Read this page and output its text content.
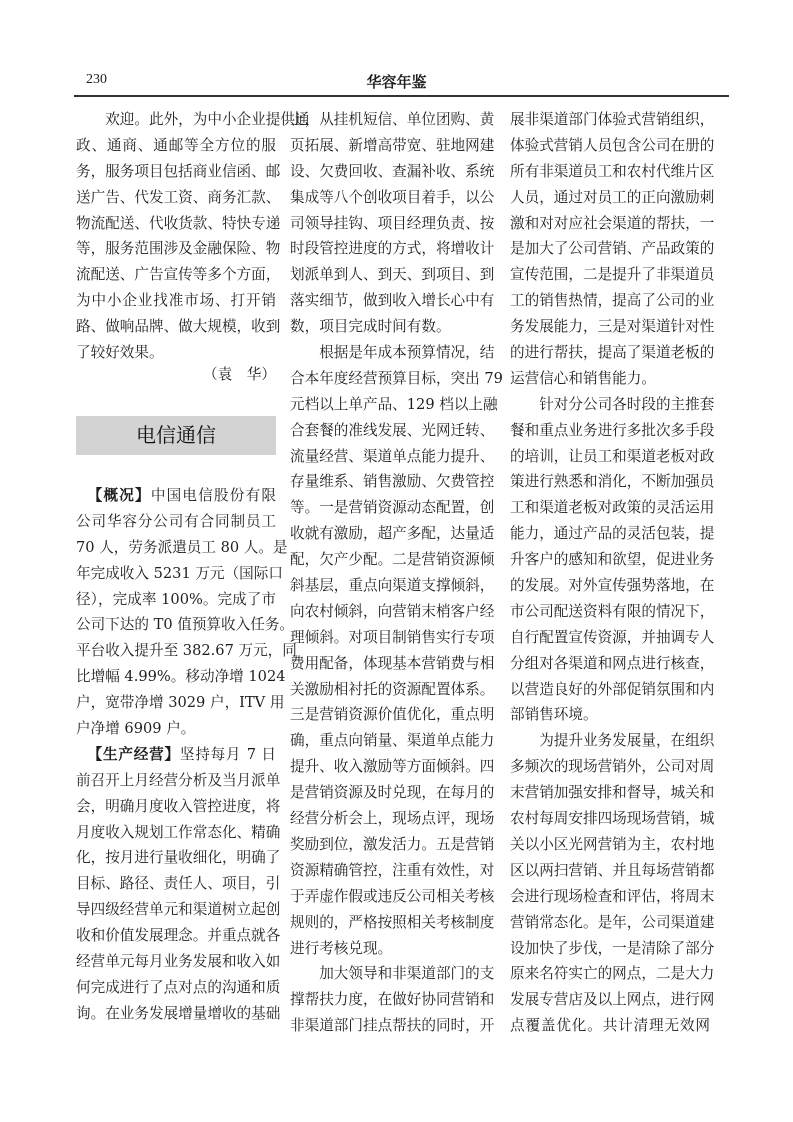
230	华容年鉴
欢迎。此外，为中小企业提供通
政、通商、通邮等全方位的服
务，服务项目包括商业信函、邮
送广告、代发工资、商务汇款、
物流配送、代收货款、特快专递
等，服务范围涉及金融保险、物
流配送、广告宣传等多个方面，
为中小企业找准市场、打开销
路、做响品牌、做大规模，收到
了较好效果。
（袁　华）
电信通信
【概况】中国电信股份有限
公司华容分公司有合同制员工
70 人，劳务派遣员工 80 人。是
年完成收入 5231 万元（国际口
径），完成率 100%。完成了市
公司下达的 T0 值预算收入任务。
平台收入提升至 382.67 万元，同
比增幅 4.99%。移动净增 1024
户，宽带净增 3029 户，ITV 用
户净增 6909 户。
【生产经营】坚持每月 7 日
前召开上月经营分析及当月派单
会，明确月度收入管控进度，将
月度收入规划工作常态化、精确
化，按月进行量收细化，明确了
目标、路径、责任人、项目，引
导四级经营单元和渠道树立起创
收和价值发展理念。并重点就各
经营单元每月业务发展和收入如
何完成进行了点对点的沟通和质
询。在业务发展增量增收的基础
上，从挂机短信、单位团购、黄
页拓展、新增高带宽、驻地网建
设、欠费回收、查漏补收、系统
集成等八个创收项目着手，以公
司领导挂钩、项目经理负责、按
时段管控进度的方式，将增收计
划派单到人、到天、到项目、到
落实细节，做到收入增长心中有
数，项目完成时间有数。
根据是年成本预算情况，结
合本年度经营预算目标，突出 79
元档以上单产品、129 档以上融
合套餐的准线发展、光网迁转、
流量经营、渠道单点能力提升、
存量维系、销售激励、欠费管控
等。一是营销资源动态配置，创
收就有激励，超产多配，达量适
配，欠产少配。二是营销资源倾
斜基层，重点向渠道支撑倾斜，
向农村倾斜，向营销末梢客户经
理倾斜。对项目制销售实行专项
费用配备，体现基本营销费与相
关激励相衬托的资源配置体系。
三是营销资源价值优化，重点明
确，重点向销量、渠道单点能力
提升、收入激励等方面倾斜。四
是营销资源及时兑现，在每月的
经营分析会上，现场点评，现场
奖励到位，激发活力。五是营销
资源精确管控，注重有效性，对
于弄虚作假或违反公司相关考核
规则的，严格按照相关考核制度
进行考核兑现。
加大领导和非渠道部门的支
撑帮扶力度，在做好协同营销和
非渠道部门挂点帮扶的同时，开
展非渠道部门体验式营销组织，
体验式营销人员包含公司在册的
所有非渠道员工和农村代维片区
人员，通过对员工的正向激励刺
激和对对应社会渠道的帮扶，一
是加大了公司营销、产品政策的
宣传范围，二是提升了非渠道员
工的销售热情，提高了公司的业
务发展能力，三是对渠道针对性
的进行帮扶，提高了渠道老板的
运营信心和销售能力。
针对分公司各时段的主推套
餐和重点业务进行多批次多手段
的培训，让员工和渠道老板对政
策进行熟悉和消化，不断加强员
工和渠道老板对政策的灵活运用
能力，通过产品的灵活包装，提
升客户的感知和欲望，促进业务
的发展。对外宣传强势落地，在
市公司配送资料有限的情况下，
自行配置宣传资源，并抽调专人
分组对各渠道和网点进行核查，
以营造良好的外部促销氛围和内
部销售环境。
为提升业务发展量，在组织
多频次的现场营销外，公司对周
末营销加强安排和督导，城关和
农村每周安排四场现场营销，城
关以小区光网营销为主，农村地
区以两扫营销、并且每场营销都
会进行现场检查和评估，将周末
营销常态化。是年，公司渠道建
设加快了步伐，一是清除了部分
原来名符实亡的网点，二是大力
发展专营店及以上网点，进行网
点覆盖优化。共计清理无效网
